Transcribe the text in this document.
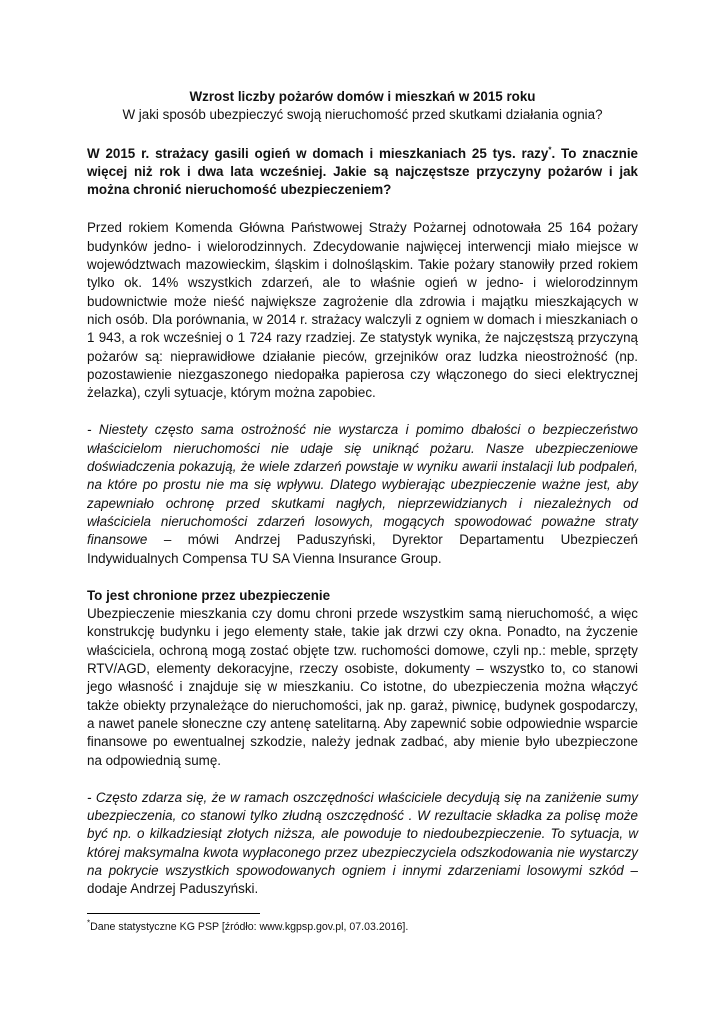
Wzrost liczby pożarów domów i mieszkań w 2015 roku

W jaki sposób ubezpieczyć swoją nieruchomość przed skutkami działania ognia?

W 2015 r. strażacy gasili ogień w domach i mieszkaniach 25 tys. razy*. To znacznie więcej niż rok i dwa lata wcześniej. Jakie są najczęstsze przyczyny pożarów i jak można chronić nieruchomość ubezpieczeniem?

Przed rokiem Komenda Główna Państwowej Straży Pożarnej odnotowała 25 164 pożary budynków jedno- i wielorodzinnych. Zdecydowanie najwięcej interwencji miało miejsce w województwach mazowieckim, śląskim i dolnośląskim. Takie pożary stanowiły przed rokiem tylko ok. 14% wszystkich zdarzeń, ale to właśnie ogień w jedno- i wielorodzinnym budownictwie może nieść największe zagrożenie dla zdrowia i majątku mieszkających w nich osób. Dla porównania, w 2014 r. strażacy walczyli z ogniem w domach i mieszkaniach o 1 943, a rok wcześniej o 1 724 razy rzadziej. Ze statystyk wynika, że najczęstszą przyczyną pożarów są: nieprawidłowe działanie pieców, grzejników oraz ludzka nieostrożność (np. pozostawienie niezgaszonego niedopałka papierosa czy włączonego do sieci elektrycznej żelazka), czyli sytuacje, którym można zapobiec.

- Niestety często sama ostrożność nie wystarcza i pomimo dbałości o bezpieczeństwo właścicielom nieruchomości nie udaje się uniknąć pożaru. Nasze ubezpieczeniowe doświadczenia pokazują, że wiele zdarzeń powstaje w wyniku awarii instalacji lub podpaleń, na które po prostu nie ma się wpływu. Dlatego wybierając ubezpieczenie ważne jest, aby zapewniało ochronę przed skutkami nagłych, nieprzewidzianych i niezależnych od właściciela nieruchomości zdarzeń losowych, mogących spowodować poważne straty finansowe – mówi Andrzej Paduszyński, Dyrektor Departamentu Ubezpieczeń Indywidualnych Compensa TU SA Vienna Insurance Group.

To jest chronione przez ubezpieczenie

Ubezpieczenie mieszkania czy domu chroni przede wszystkim samą nieruchomość, a więc konstrukcję budynku i jego elementy stałe, takie jak drzwi czy okna. Ponadto, na życzenie właściciela, ochroną mogą zostać objęte tzw. ruchomości domowe, czyli np.: meble, sprzęty RTV/AGD, elementy dekoracyjne, rzeczy osobiste, dokumenty – wszystko to, co stanowi jego własność i znajduje się w mieszkaniu. Co istotne, do ubezpieczenia można włączyć także obiekty przynależące do nieruchomości, jak np. garaż, piwnicę, budynek gospodarczy, a nawet panele słoneczne czy antenę satelitarną. Aby zapewnić sobie odpowiednie wsparcie finansowe po ewentualnej szkodzie, należy jednak zadbać, aby mienie było ubezpieczone na odpowiednią sumę.

- Często zdarza się, że w ramach oszczędności właściciele decydują się na zaniżenie sumy ubezpieczenia, co stanowi tylko złudną oszczędność . W rezultacie składka za polisę może być np. o kilkadziesiąt złotych niższa, ale powoduje to niedoubezpieczenie. To sytuacja, w której maksymalna kwota wypłaconego przez ubezpieczyciela odszkodowania nie wystarczy na pokrycie wszystkich spowodowanych ogniem i innymi zdarzeniami losowymi szkód – dodaje Andrzej Paduszyński.

*Dane statystyczne KG PSP [źródło: www.kgpsp.gov.pl, 07.03.2016].
